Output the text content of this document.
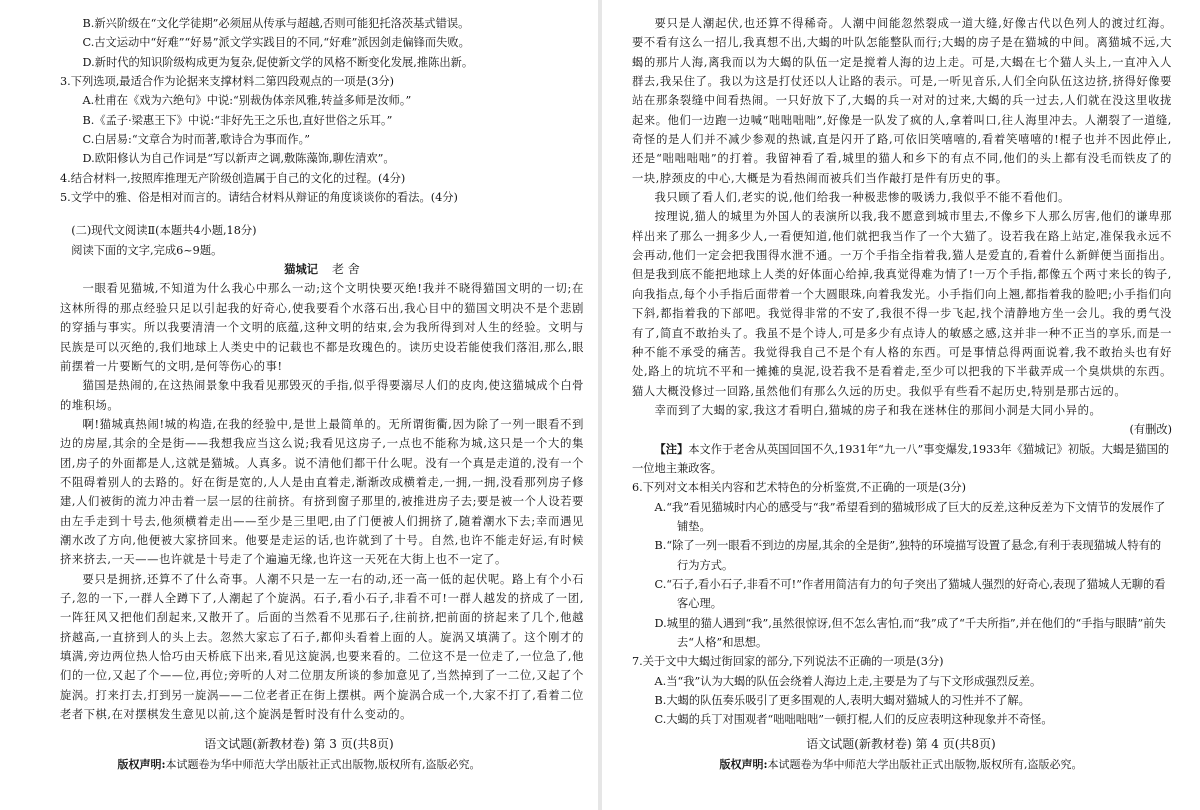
B.新兴阶级在“文化学徒期”必须屈从传承与超越,否则可能犯托洛茨基式错误。

C.古文运动中“好难”“好易”派文学实践目的不同,“好难”派因剑走偏锋而失败。

D.新时代的知识阶级构成更为复杂,促使新文学的风格不断变化发展,推陈出新。

3.下列选项,最适合作为论据来支撑材料二第四段观点的一项是(3分)

A.杜甫在《戏为六绝句》中说:“别裁伪体亲风雅,转益多师是汝师。”

B.《孟子·梁惠王下》中说:“非好先王之乐也,直好世俗之乐耳。”

C.白居易:“文章合为时而著,歌诗合为事而作。”

D.欧阳修认为自己作词是“写以新声之调,敷陈藻饰,聊佐清欢”。

4.结合材料一,按照库推理无产阶级创造属于自己的文化的过程。(4分)

5.文学中的雅、俗是相对而言的。请结合材料从辩证的角度谈谈你的看法。(4分)

(二)现代文阅读Ⅱ(本题共4小题,18分)

阅读下面的文字,完成6~9题。

猫城记 老 舍

一眼看见猫城,不知道为什么我心中那么一动;这个文明快要灭绝!我并不晓得猫国文明的一切;在这林所得的那点经验只足以引起我的好奇心,使我要看个水落石出,我心目中的猫国文明决不是个悲剧的穿插与事实。所以我要清清一个文明的底蕴,这种文明的结束,会为我所得到对人生的经验。文明与民族是可以灭绝的,我们地球上人类史中的记载也不都是玫瑰色的。读历史设若能使我们落泪,那么,眼前摆着一片要断气的文明,是何等伤心的事!

猫国是热闹的,在这热闹景象中我看见那毁灭的手指,似乎得要溺尽人们的皮肉,使这猫城成个白骨的堆积场。

啊!猫城真热闹!城的构造,在我的经验中,是世上最简单的。无所谓街衢,因为除了一列一眼看不到边的房屋,其余的全是街——我想我应当这么说;我看见这房子,一点也不能称为城,这只是一个大的集团,房子的外面都是人,这就是猫城。人真多。说不清他们都干什么呢。没有一个真是走道的,没有一个不阻碍着别人的去路的。好在街是宽的,人人是由直着走,渐渐改成横着走,一拥,一拥,没看那列房子修建,人们被街的流力冲击着一层一层的往前挤。有挤到窗子那里的,被推进房子去;要是被一个人设若要由左手走到十号去,他须横着走出——至少是三里吧,由了门便被人们拥挤了,随着潮水下去;幸而遇见潮水改了方向,他便被大家挤回来。他要是走运的话,也许就到了十号。自然,也许不能走好运,有时候挤来挤去,一天——也许就是十号走了个遍遍无缘,也许这一天死在大街上也不一定了。

要只是拥挤,还算不了什么奇事。人潮不只是一左一右的动,还一高一低的起伏呢。路上有个小石子,忽的一下,一群人全蹲下了,人潮起了个旋涡。石子,看小石子,非看不可!一群人越发的挤成了一团,一阵狂风又把他们刮起来,又散开了。后面的当然看不见那石子,往前挤,把前面的挤起来了几个,他越挤越高,一直挤到人的头上去。忽然大家忘了石子,都仰头看着上面的人。旋涡又填满了。这个刚才的填满,旁边两位热人恰巧由天桥底下出来,看见这旋涡,也要来看的。二位这不是一位走了,一位急了,他们的一位,又起了个——位,再位;旁听的人对二位朋友所谈的参加意见了,当然掉到了一二位,又起了个旋涡。打来打去,打到另一旋涡——二位老者正在街上摆棋。两个旋涡合成一个,大家不打了,看着二位老者下棋,在对摆棋发生意见以前,这个旋涡是暂时没有什么变动的。

语文试题(新教材卷) 第 3 页(共8页)
版权声明:本试题卷为华中师范大学出版社正式出版物,版权所有,盗版必究。

要只是人潮起伏,也还算不得稀奇。人潮中间能忽然裂成一道大缝,好像古代以色列人的渡过红海。要不看有这么一招儿,我真想不出,大蝎的叶队怎能整队而行;大蝎的房子是在猫城的中间。离猫城不远,大蝎的那片人海,离我而以为大蝎的队伍一定是搅着人海的边上走。可是,大蝎在七个猫人头上,一直冲入人群去,我呆住了。我以为这是打仗还以人让路的表示。可是,一听见音乐,人们全向队伍这边挤,挤得好像要站在那条裂缝中间看热闹。一只好放下了,大蝎的兵一对对的过来,大蝎的兵一过去,人们就在没这里收拢起来。他们一边跑一边喊“咄咄咄咄”,好像是一队发了疯的人,拿着叫口,往人海里冲去。人潮裂了一道缝,奇怪的是人们并不减少参观的热诚,直是闪开了路,可依旧笑嘻嘻的,看着笑嘻嘻的!棍子也并不因此停止,还是“咄咄咄咄”的打着。我留神看了看,城里的猫人和乡下的有点不同,他们的头上都有没毛而铁皮了的一块,脖颈皮的中心,大概是为看热闹而被兵们当作敲打是件有历史的事。

我只顾了看人们,老实的说,他们给我一种极悲惨的吸诱力,我似乎不能不看他们。

按理说,猫人的城里为外国人的表演所以我,我不愿意到城市里去,不像乡下人那么厉害,他们的谦卑那样出来了那么一拥多少人,一看便知道,他们就把我当作了一个大猫了。设若我在路上站定,准保我永远不会再动,他们一定会把我围得水泄不通。一万个手指全指着我,猫人是爱直的,看着什么新鲜便当面指出。但是我到底不能把地球上人类的好体面心给掉,我真觉得难为情了!一万个手指,都像五个两寸来长的钩子,向我指点,每个小手指后面带着一个大圆眼珠,向着我发光。小手指们向上翘,都指着我的脸吧;小手指们向下斜,都指着我的下部吧。我觉得非常的不安了,我很不得一步飞起,找个清静地方坐一会儿。我的勇气没有了,简直不敢抬头了。我虽不是个诗人,可是多少有点诗人的敏感之感,这并非一种不正当的享乐,而是一种不能不承受的痛苦。我觉得我自己不是个有人格的东西。可是事情总得两面说着,我不敢抬头也有好处,路上的坑坑不平和一摊摊的臭泥,设若我不是看着走,至少可以把我的下半截弄成一个臭烘烘的东西。猫人大概没修过一回路,虽然他们有那么久远的历史。我似乎有些看不起历史,特别是那古远的。

幸而到了大蝎的家,我这才看明白,猫城的房子和我在迷林住的那间小洞是大同小异的。

(有删改)

【注】本文作于老舍从英国回国不久,1931年“九一八”事变爆发,1933年《猫城记》初版。大蝎是猫国的一位地主兼政客。

6.下列对文本相关内容和艺术特色的分析鉴赏,不正确的一项是(3分)

A.“我”看见猫城时内心的感受与“我”希望看到的猫城形成了巨大的反差,这种反差为下文情节的发展作了铺垫。

B.“除了一列一眼看不到边的房屋,其余的全是街”,独特的环境描写设置了悬念,有利于表现猫城人特有的行为方式。

C.“石子,看小石子,非看不可!”作者用简洁有力的句子突出了猫城人强烈的好奇心,表现了猫城人无聊的看客心理。

D.城里的猫人遇到“我”,虽然很惊讶,但不怎么害怕,而“我”成了“千夫所指”,并在他们的“手指与眼睛”前失去“人格”和思想。

7.关于文中大蝎过街回家的部分,下列说法不正确的一项是(3分)

A.当“我”认为大蝎的队伍会绕着人海边上走,主要是为了与下文形成强烈反差。

B.大蝎的队伍奏乐吸引了更多围观的人,表明大蝎对猫城人的习性并不了解。

C.大蝎的兵丁对围观者“咄咄咄咄”一顿打棍,人们的反应表明这种现象并不奇怪。

语文试题(新教材卷) 第 4 页(共8页)
版权声明:本试题卷为华中师范大学出版社正式出版物,版权所有,盗版必究。
